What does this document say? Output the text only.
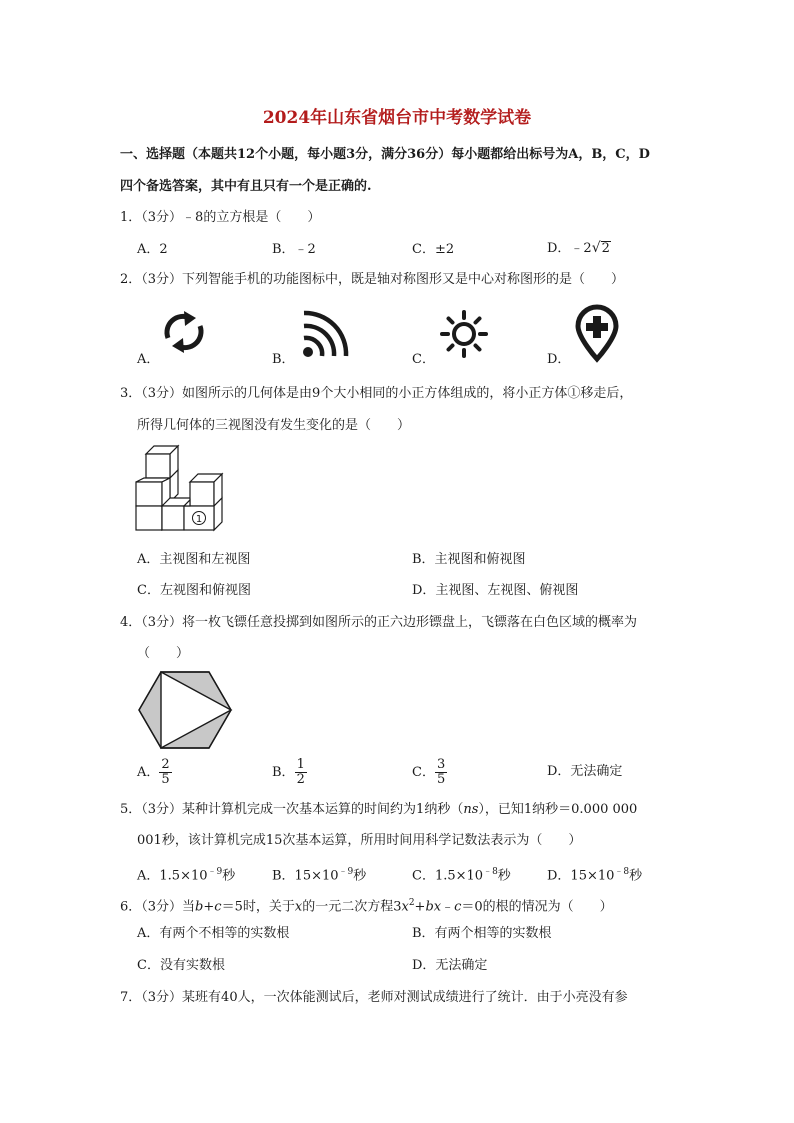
2024年山东省烟台市中考数学试卷
一、选择题（本题共12个小题，每小题3分，满分36分）每小题都给出标号为A，B，C，D
四个备选答案，其中有且只有一个是正确的.
1．（3分）﹣8的立方根是（　　）
A．2	B．﹣2	C．±2	D．﹣2√2
2．（3分）下列智能手机的功能图标中，既是轴对称图形又是中心对称图形的是（　　）
A．	B．	C．	D．
3．（3分）如图所示的几何体是由9个大小相同的小正方体组成的，将小正方体①移走后，
所得几何体的三视图没有发生变化的是（　　）
1
A．主视图和左视图	B．主视图和俯视图
C．左视图和俯视图	D．主视图、左视图、俯视图
4．（3分）将一枚飞镖任意投掷到如图所示的正六边形镖盘上，飞镖落在白色区域的概率为
（　　）
A． $\frac{2}{5}$	B． $\frac{1}{2}$	C． $\frac{3}{5}$	D．无法确定
5．（3分）某种计算机完成一次基本运算的时间约为1纳秒（ns），已知1纳秒＝0.000 000
001秒，该计算机完成15次基本运算，所用时间用科学记数法表示为（　　）
A．$1.5\times 10^{﹣9}$秒	B．$15\times 10^{﹣9}$秒	C．$1.5\times 10^{﹣8}$秒	D．$15\times 10^{﹣8}$秒
6．（3分）当b+c＝5时，关于x的一元二次方程$3x^2+bx﹣c=0$的根的情况为（　　）
A．有两个不相等的实数根	B．有两个相等的实数根
C．没有实数根	D．无法确定
7．（3分）某班有40人，一次体能测试后，老师对测试成绩进行了统计．由于小亮没有参
